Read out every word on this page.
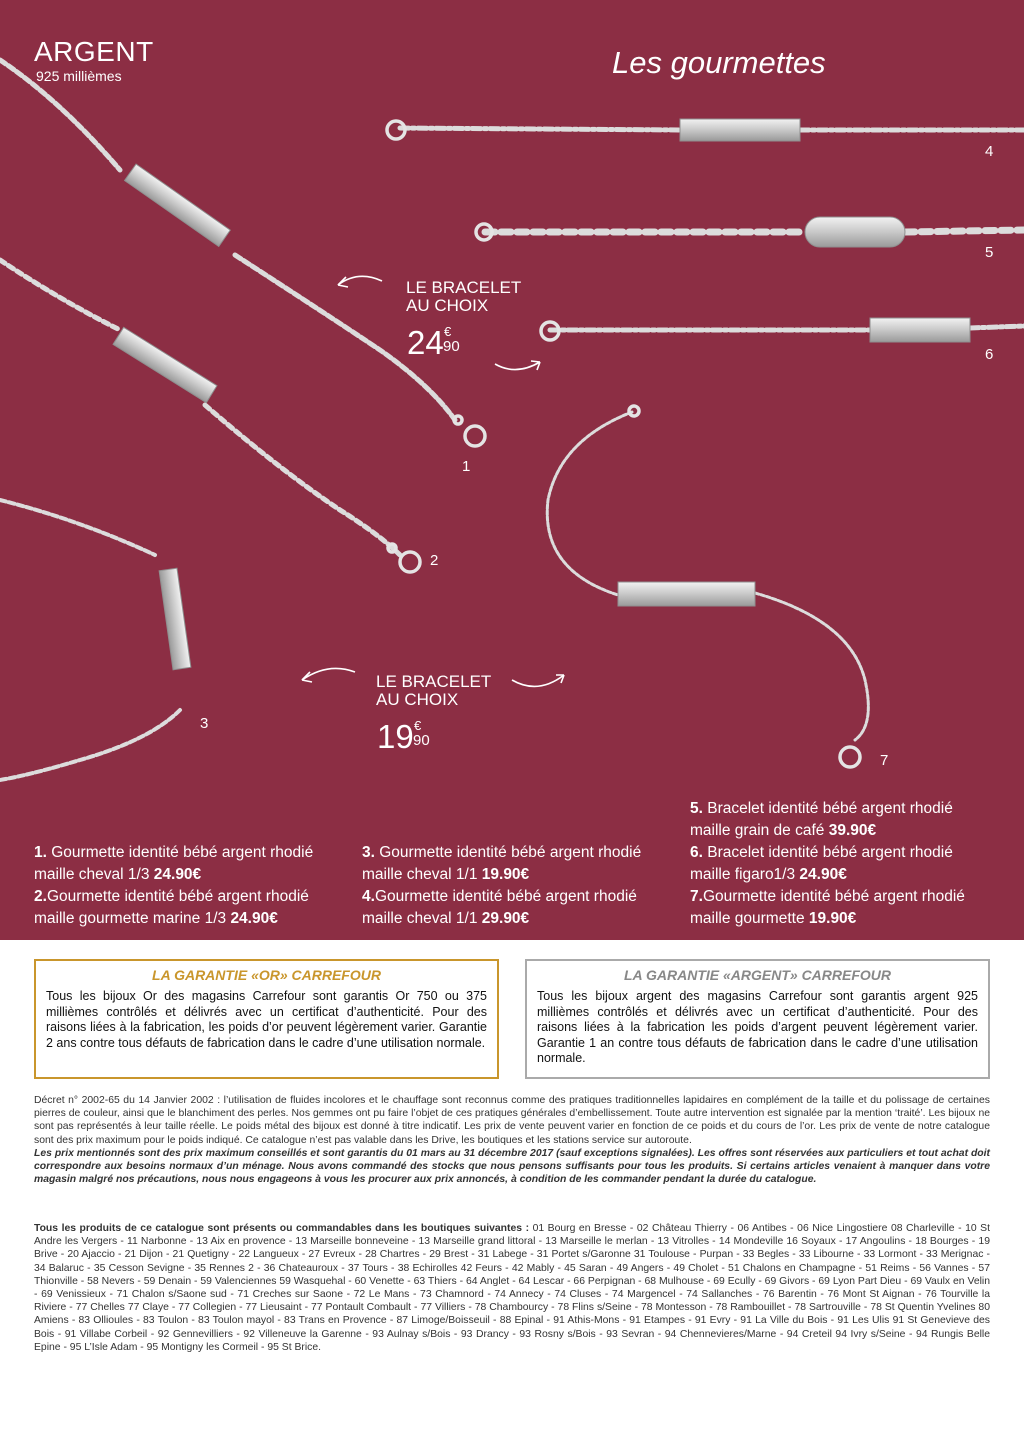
ARGENT
925 millièmes	Les gourmettes
1
2
3
4
5
6
7
LE BRACELET
AU CHOIX
24 €
90
LE BRACELET
AU CHOIX
19 €
90
1. Gourmette identité bébé argent rhodié
maille cheval 1/3 24.90€
2.Gourmette identité bébé argent rhodié
maille gourmette marine 1/3 24.90€
3. Gourmette identité bébé argent rhodié
maille cheval 1/1 19.90€
4.Gourmette identité bébé argent rhodié
maille cheval 1/1 29.90€
5. Bracelet identité bébé argent rhodié
maille grain de café 39.90€
6. Bracelet identité bébé argent rhodié
maille figaro1/3 24.90€
7.Gourmette identité bébé argent rhodié
maille gourmette 19.90€
LA GARANTIE «OR» CARREFOUR
Tous les bijoux Or des magasins Carrefour sont garantis Or 750 ou 375 millièmes contrôlés et délivrés avec un certificat d’authenticité. Pour des raisons liées à la fabrication, les poids d’or peuvent légèrement varier. Garantie 2 ans contre tous défauts de fabrication dans le cadre d’une utilisation normale.
LA GARANTIE «ARGENT» CARREFOUR
Tous les bijoux argent des magasins Carrefour sont garantis argent 925 millièmes contrôlés et délivrés avec un certificat d’authenticité. Pour des raisons liées à la fabrication les poids d’argent peuvent légèrement varier. Garantie 1 an contre tous défauts de fabrication dans le cadre d’une utilisation normale.
Décret n° 2002-65 du 14 Janvier 2002 : l’utilisation de fluides incolores et le chauffage sont reconnus comme des pratiques traditionnelles lapidaires en complément de la taille et du polissage de certaines pierres de couleur, ainsi que le blanchiment des perles. Nos gemmes ont pu faire l’objet de ces pratiques générales d’embellissement. Toute autre intervention est signalée par la mention ‘traité’. Les bijoux ne sont pas représentés à leur taille réelle. Le poids métal des bijoux est donné à titre indicatif. Les prix de vente peuvent varier en fonction de ce poids et du cours de l’or. Les prix de vente de notre catalogue sont des prix maximum pour le poids indiqué. Ce catalogue n’est pas valable dans les Drive, les boutiques et les stations service sur autoroute.
Les prix mentionnés sont des prix maximum conseillés et sont garantis du 01 mars au 31 décembre 2017 (sauf exceptions signalées). Les offres sont réservées aux particuliers et tout achat doit correspondre aux besoins normaux d’un ménage. Nous avons commandé des stocks que nous pensons suffisants pour tous les produits. Si certains articles venaient à manquer dans votre magasin malgré nos précautions, nous nous engageons à vous les procurer aux prix annoncés, à condition de les commander pendant la durée du catalogue.
Tous les produits de ce catalogue sont présents ou commandables dans les boutiques suivantes : 01 Bourg en Bresse - 02 Château Thierry - 06 Antibes - 06 Nice Lingostiere 08 Charleville - 10 St Andre les Vergers - 11 Narbonne - 13 Aix en provence - 13 Marseille bonneveine - 13 Marseille grand littoral - 13 Marseille le merlan - 13 Vitrolles - 14 Mondeville 16 Soyaux - 17 Angoulins - 18 Bourges - 19 Brive - 20 Ajaccio - 21 Dijon - 21 Quetigny - 22 Langueux - 27 Evreux - 28 Chartres - 29 Brest - 31 Labege - 31 Portet s/Garonne 31 Toulouse - Purpan - 33 Begles - 33 Libourne - 33 Lormont - 33 Merignac - 34 Balaruc - 35 Cesson Sevigne - 35 Rennes 2 - 36 Chateauroux - 37 Tours - 38 Echirolles 42 Feurs - 42 Mably - 45 Saran - 49 Angers - 49 Cholet - 51 Chalons en Champagne - 51 Reims - 56 Vannes - 57 Thionville - 58 Nevers - 59 Denain - 59 Valenciennes 59 Wasquehal - 60 Venette - 63 Thiers - 64 Anglet - 64 Lescar - 66 Perpignan - 68 Mulhouse - 69 Ecully - 69 Givors - 69 Lyon Part Dieu - 69 Vaulx en Velin - 69 Venissieux - 71 Chalon s/Saone sud - 71 Creches sur Saone - 72 Le Mans - 73 Chamnord - 74 Annecy - 74 Cluses - 74 Margencel - 74 Sallanches - 76 Barentin - 76 Mont St Aignan - 76 Tourville la Riviere - 77 Chelles 77 Claye - 77 Collegien - 77 Lieusaint - 77 Pontault Combault - 77 Villiers - 78 Chambourcy - 78 Flins s/Seine - 78 Montesson - 78 Rambouillet - 78 Sartrouville - 78 St Quentin Yvelines 80 Amiens - 83 Ollioules - 83 Toulon - 83 Toulon mayol - 83 Trans en Provence - 87 Limoge/Boisseuil - 88 Epinal - 91 Athis-Mons - 91 Etampes - 91 Evry - 91 La Ville du Bois - 91 Les Ulis 91 St Genevieve des Bois - 91 Villabe Corbeil - 92 Gennevilliers - 92 Villeneuve la Garenne - 93 Aulnay s/Bois - 93 Drancy - 93 Rosny s/Bois - 93 Sevran - 94 Chennevieres/Marne - 94 Creteil 94 Ivry s/Seine - 94 Rungis Belle Epine - 95 L’Isle Adam - 95 Montigny les Cormeil - 95 St Brice.
